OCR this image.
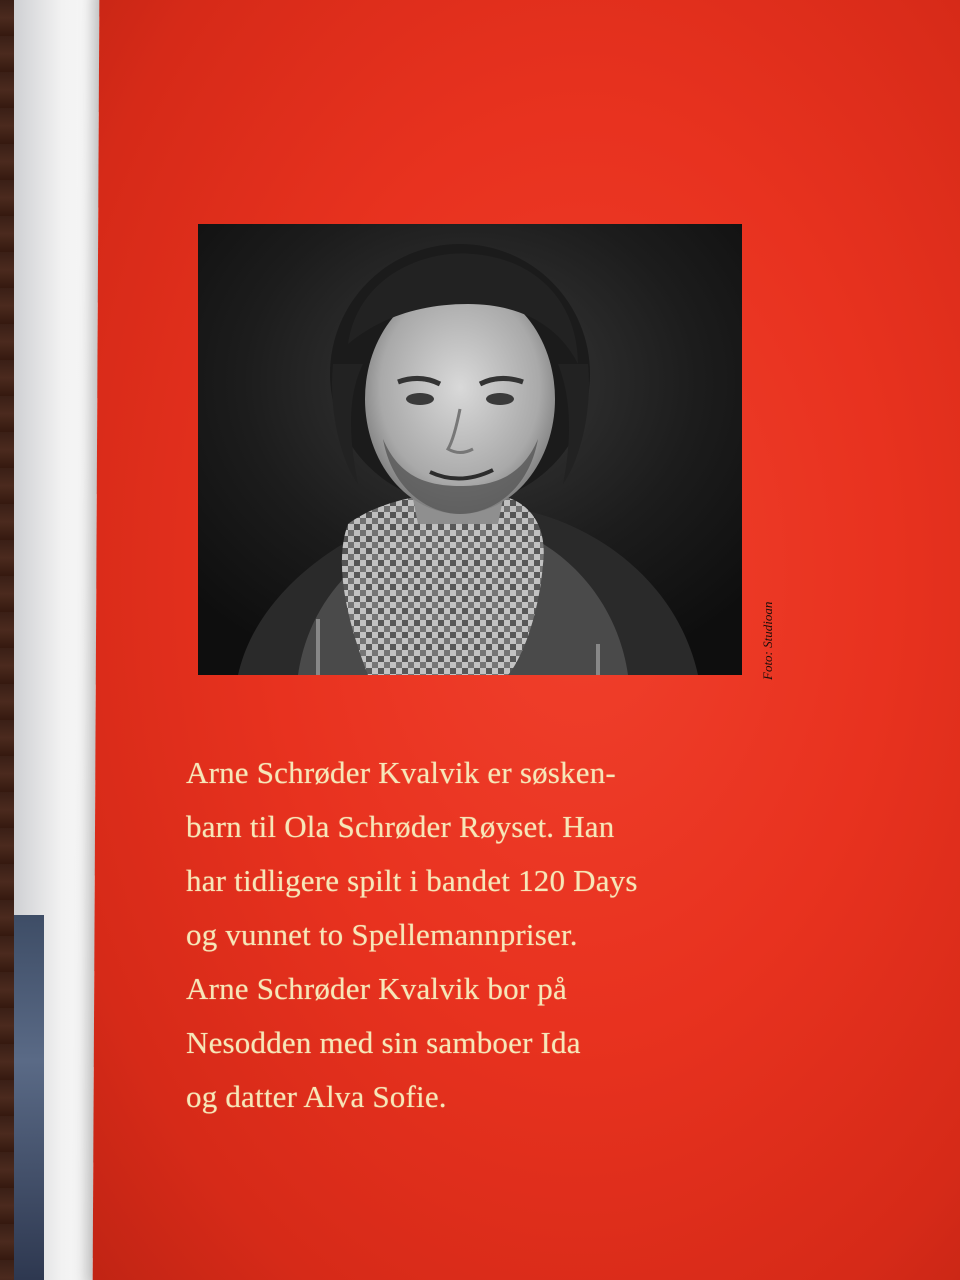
Foto: Studioan
Arne Schrøder Kvalvik er søsken-
barn til Ola Schrøder Røyset. Han
har tidligere spilt i bandet 120 Days
og vunnet to Spellemannpriser.
Arne Schrøder Kvalvik bor på
Nesodden med sin samboer Ida
og datter Alva Sofie.
